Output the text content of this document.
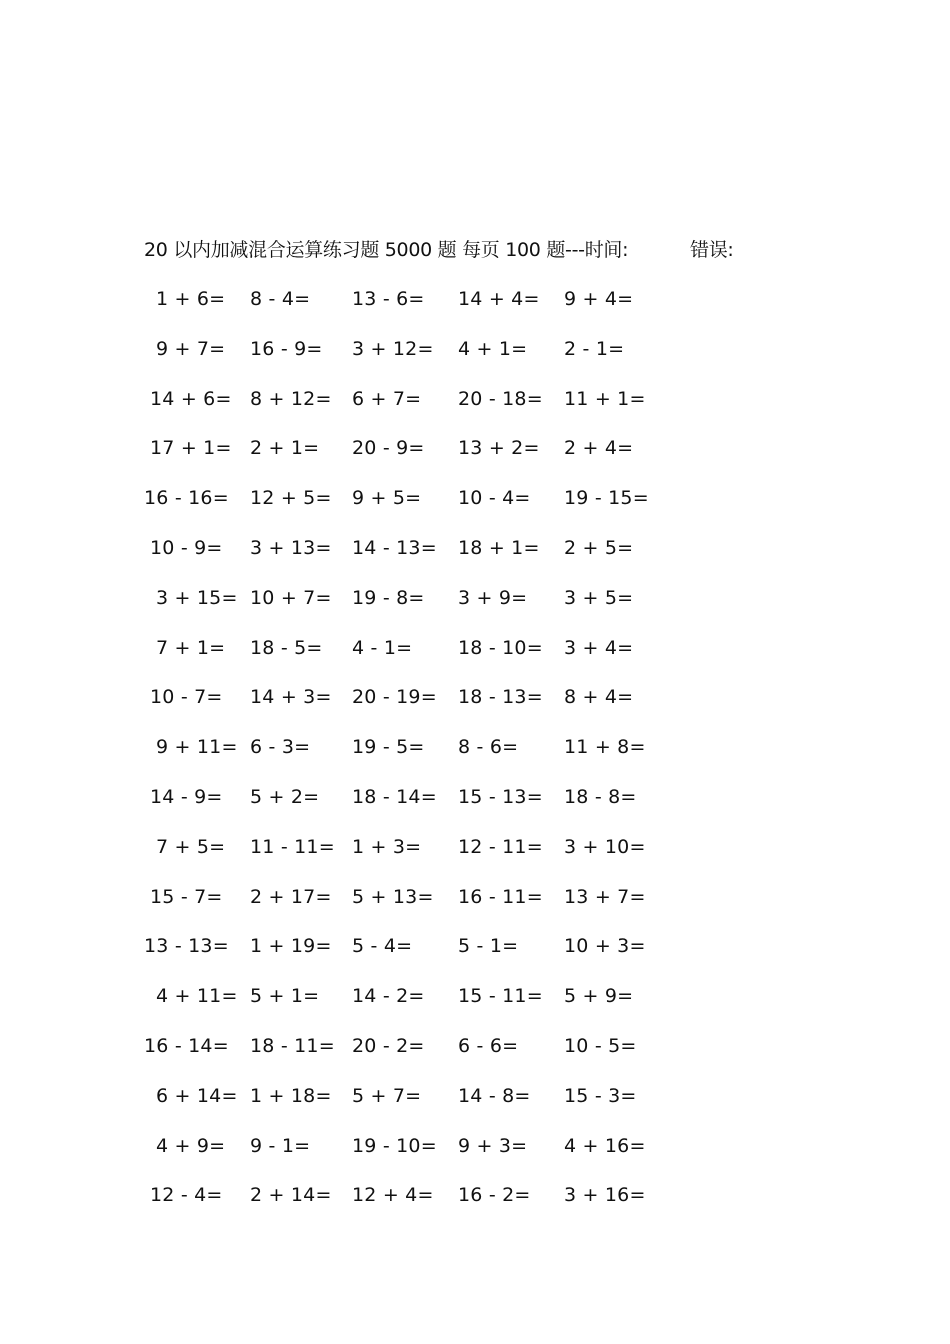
20 以内加减混合运算练习题 5000 题 每页 100 题---时间:	错误:
1 + 6= 8 - 4= 13 - 6= 14 + 4= 9 + 4=
9 + 7= 16 - 9= 3 + 12= 4 + 1= 2 - 1=
14 + 6= 8 + 12= 6 + 7= 20 - 18= 11 + 1=
17 + 1= 2 + 1= 20 - 9= 13 + 2= 2 + 4=
16 - 16= 12 + 5= 9 + 5= 10 - 4= 19 - 15=
10 - 9= 3 + 13= 14 - 13= 18 + 1= 2 + 5=
3 + 15= 10 + 7= 19 - 8= 3 + 9= 3 + 5=
7 + 1= 18 - 5= 4 - 1= 18 - 10= 3 + 4=
10 - 7= 14 + 3= 20 - 19= 18 - 13= 8 + 4=
9 + 11= 6 - 3= 19 - 5= 8 - 6= 11 + 8=
14 - 9= 5 + 2= 18 - 14= 15 - 13= 18 - 8=
7 + 5= 11 - 11= 1 + 3= 12 - 11= 3 + 10=
15 - 7= 2 + 17= 5 + 13= 16 - 11= 13 + 7=
13 - 13= 1 + 19= 5 - 4= 5 - 1= 10 + 3=
4 + 11= 5 + 1= 14 - 2= 15 - 11= 5 + 9=
16 - 14= 18 - 11= 20 - 2= 6 - 6= 10 - 5=
6 + 14= 1 + 18= 5 + 7= 14 - 8= 15 - 3=
4 + 9= 9 - 1= 19 - 10= 9 + 3= 4 + 16=
12 - 4= 2 + 14= 12 + 4= 16 - 2= 3 + 16=
